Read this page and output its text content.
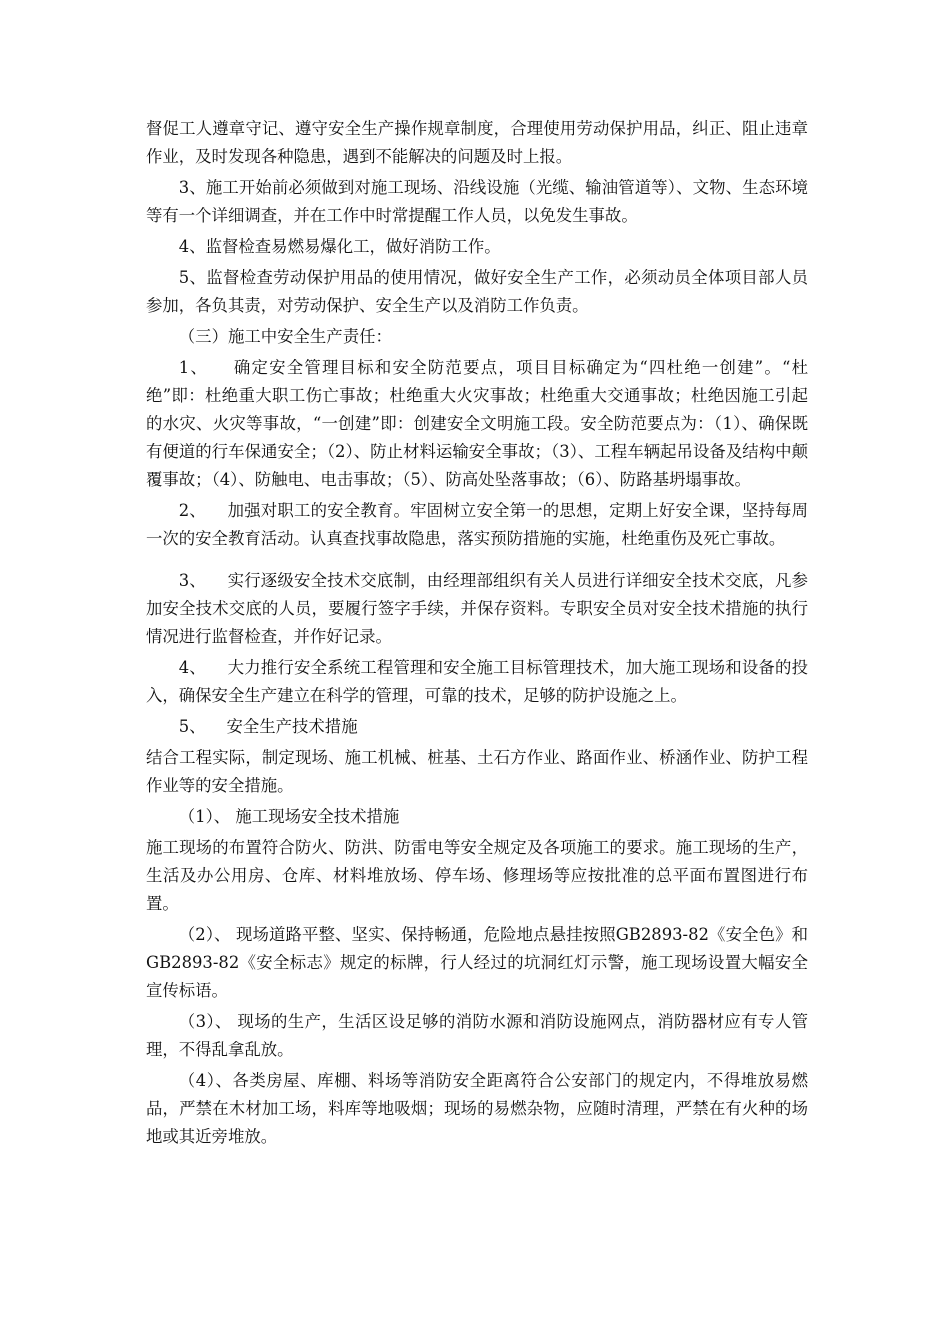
督促工人遵章守记、遵守安全生产操作规章制度，合理使用劳动保护用品，纠正、阻止违章作业，及时发现各种隐患，遇到不能解决的问题及时上报。

3、施工开始前必须做到对施工现场、沿线设施（光缆、输油管道等）、文物、生态环境等有一个详细调查，并在工作中时常提醒工作人员，以免发生事故。

4、监督检查易燃易爆化工，做好消防工作。

5、监督检查劳动保护用品的使用情况，做好安全生产工作，必须动员全体项目部人员参加，各负其责，对劳动保护、安全生产以及消防工作负责。

（三）施工中安全生产责任：

1、    确定安全管理目标和安全防范要点，项目目标确定为“四杜绝一创建”。“杜绝”即：杜绝重大职工伤亡事故；杜绝重大火灾事故；杜绝重大交通事故；杜绝因施工引起的水灾、火灾等事故，“一创建”即：创建安全文明施工段。安全防范要点为：（1）、确保既有便道的行车保通安全；（2）、防止材料运输安全事故；（3）、工程车辆起吊设备及结构中颠覆事故；（4）、防触电、电击事故；（5）、防高处坠落事故；（6）、防路基坍塌事故。

2、    加强对职工的安全教育。牢固树立安全第一的思想，定期上好安全课，坚持每周一次的安全教育活动。认真查找事故隐患，落实预防措施的实施，杜绝重伤及死亡事故。

3、    实行逐级安全技术交底制，由经理部组织有关人员进行详细安全技术交底，凡参加安全技术交底的人员，要履行签字手续，并保存资料。专职安全员对安全技术措施的执行情况进行监督检查，并作好记录。

4、    大力推行安全系统工程管理和安全施工目标管理技术，加大施工现场和设备的投入，确保安全生产建立在科学的管理，可靠的技术，足够的防护设施之上。

5、    安全生产技术措施

结合工程实际，制定现场、施工机械、桩基、土石方作业、路面作业、桥涵作业、防护工程作业等的安全措施。

（1）、 施工现场安全技术措施

施工现场的布置符合防火、防洪、防雷电等安全规定及各项施工的要求。施工现场的生产，生活及办公用房、仓库、材料堆放场、停车场、修理场等应按批准的总平面布置图进行布置。

（2）、 现场道路平整、坚实、保持畅通，危险地点悬挂按照GB2893-82《安全色》和GB2893-82《安全标志》规定的标牌，行人经过的坑洞红灯示警，施工现场设置大幅安全宣传标语。

（3）、 现场的生产，生活区设足够的消防水源和消防设施网点，消防器材应有专人管理，不得乱拿乱放。

（4）、各类房屋、库棚、料场等消防安全距离符合公安部门的规定内，不得堆放易燃品，严禁在木材加工场，料库等地吸烟；现场的易燃杂物，应随时清理，严禁在有火种的场地或其近旁堆放。
